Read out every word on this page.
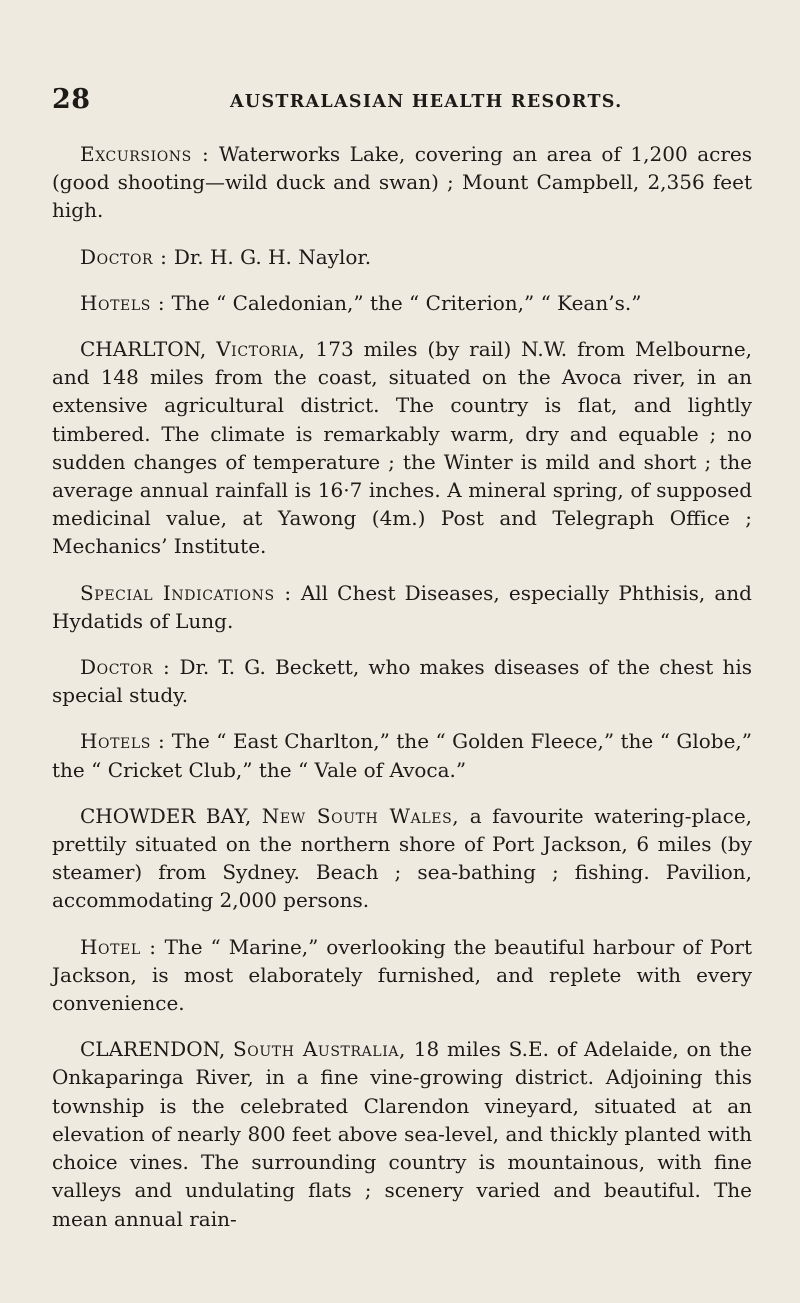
28	AUSTRALASIAN HEALTH RESORTS.

Excursions : Waterworks Lake, covering an area of 1,200 acres (good shooting—wild duck and swan) ; Mount Campbell, 2,356 feet high.

Doctor : Dr. H. G. H. Naylor.

Hotels : The “ Caledonian,” the “ Criterion,” “ Kean’s.”

CHARLTON, Victoria, 173 miles (by rail) N.W. from Melbourne, and 148 miles from the coast, situated on the Avoca river, in an extensive agricultural district. The country is flat, and lightly timbered. The climate is remarkably warm, dry and equable ; no sudden changes of temperature ; the Winter is mild and short ; the average annual rainfall is 16·7 inches. A mineral spring, of supposed medicinal value, at Yawong (4m.) Post and Telegraph Office ; Mechanics’ Institute.

Special Indications : All Chest Diseases, especially Phthisis, and Hydatids of Lung.

Doctor : Dr. T. G. Beckett, who makes diseases of the chest his special study.

Hotels : The “ East Charlton,” the “ Golden Fleece,” the “ Globe,” the “ Cricket Club,” the “ Vale of Avoca.”

CHOWDER BAY, New South Wales, a favourite watering-place, prettily situated on the northern shore of Port Jackson, 6 miles (by steamer) from Sydney. Beach ; sea-bathing ; fishing. Pavilion, accommodating 2,000 persons.

Hotel : The “ Marine,” overlooking the beautiful harbour of Port Jackson, is most elaborately furnished, and replete with every convenience.

CLARENDON, South Australia, 18 miles S.E. of Adelaide, on the Onkaparinga River, in a fine vine-growing district. Adjoining this township is the celebrated Clarendon vineyard, situated at an elevation of nearly 800 feet above sea-level, and thickly planted with choice vines. The surrounding country is mountainous, with fine valleys and undulating flats ; scenery varied and beautiful. The mean annual rain-
